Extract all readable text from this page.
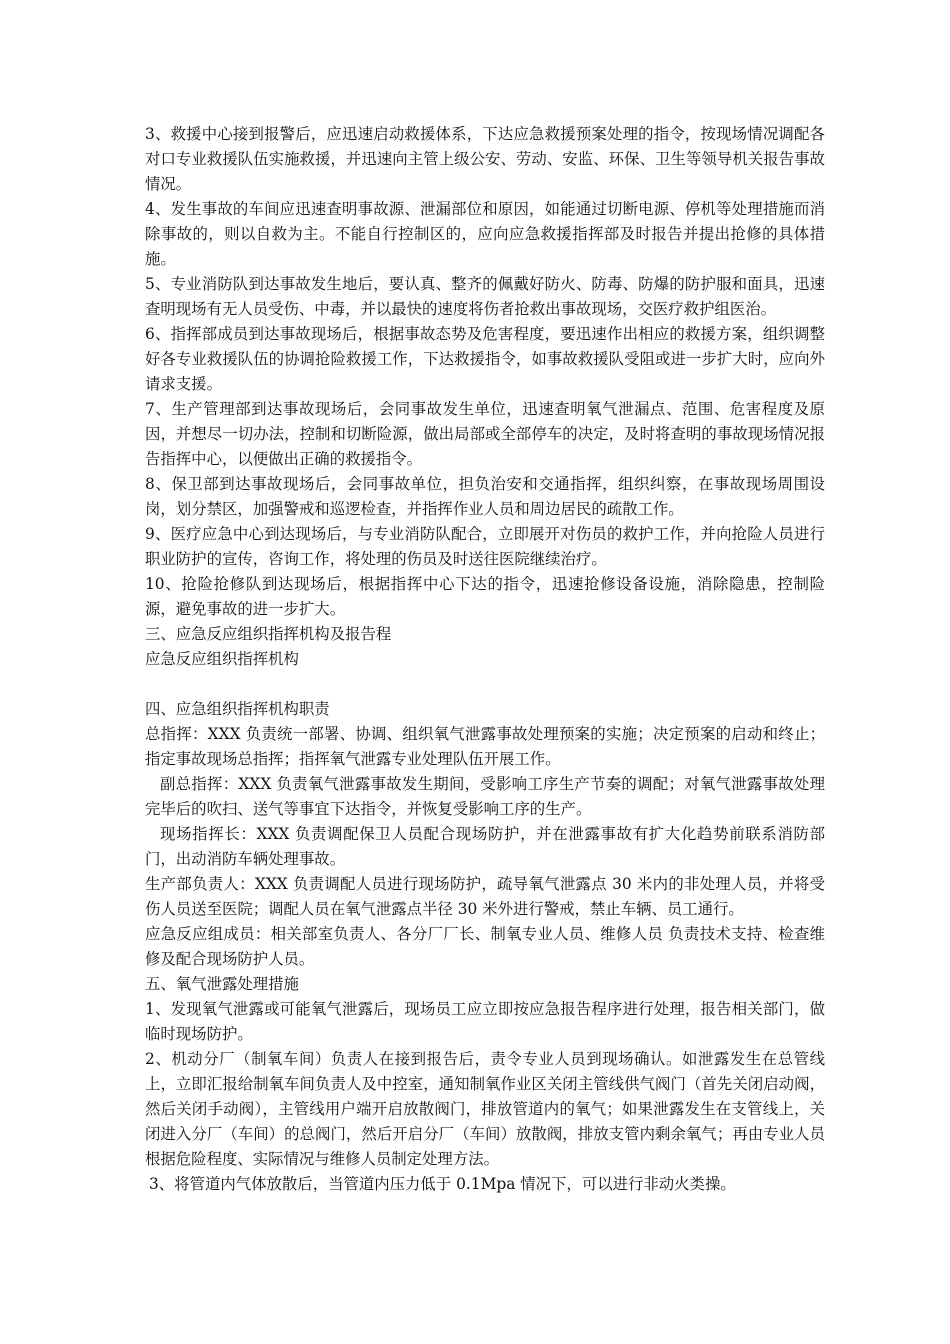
3、救援中心接到报警后，应迅速启动救援体系，下达应急救援预案处理的指令，按现场情况调配各对口专业救援队伍实施救援，并迅速向主管上级公安、劳动、安监、环保、卫生等领导机关报告事故情况。

4、发生事故的车间应迅速查明事故源、泄漏部位和原因，如能通过切断电源、停机等处理措施而消除事故的，则以自救为主。不能自行控制区的，应向应急救援指挥部及时报告并提出抢修的具体措施。

5、专业消防队到达事故发生地后，要认真、整齐的佩戴好防火、防毒、防爆的防护服和面具，迅速查明现场有无人员受伤、中毒，并以最快的速度将伤者抢救出事故现场，交医疗救护组医治。

6、指挥部成员到达事故现场后，根据事故态势及危害程度，要迅速作出相应的救援方案，组织调整好各专业救援队伍的协调抢险救援工作，下达救援指令，如事故救援队受阻或进一步扩大时，应向外请求支援。

7、生产管理部到达事故现场后，会同事故发生单位，迅速查明氧气泄漏点、范围、危害程度及原因，并想尽一切办法，控制和切断险源，做出局部或全部停车的决定，及时将查明的事故现场情况报告指挥中心，以便做出正确的救援指令。

8、保卫部到达事故现场后，会同事故单位，担负治安和交通指挥，组织纠察，在事故现场周围设岗，划分禁区，加强警戒和巡逻检查，并指挥作业人员和周边居民的疏散工作。

9、医疗应急中心到达现场后，与专业消防队配合，立即展开对伤员的救护工作，并向抢险人员进行职业防护的宣传，咨询工作，将处理的伤员及时送往医院继续治疗。

10、抢险抢修队到达现场后，根据指挥中心下达的指令，迅速抢修设备设施，消除隐患，控制险源，避免事故的进一步扩大。

三、应急反应组织指挥机构及报告程

应急反应组织指挥机构

四、应急组织指挥机构职责

总指挥：XXX 负责统一部署、协调、组织氧气泄露事故处理预案的实施；决定预案的启动和终止；指定事故现场总指挥；指挥氧气泄露专业处理队伍开展工作。

副总指挥：XXX 负责氧气泄露事故发生期间，受影响工序生产节奏的调配；对氧气泄露事故处理完毕后的吹扫、送气等事宜下达指令，并恢复受影响工序的生产。

现场指挥长：XXX 负责调配保卫人员配合现场防护，并在泄露事故有扩大化趋势前联系消防部门，出动消防车辆处理事故。

生产部负责人：XXX 负责调配人员进行现场防护，疏导氧气泄露点 30 米内的非处理人员，并将受伤人员送至医院；调配人员在氧气泄露点半径 30 米外进行警戒，禁止车辆、员工通行。

应急反应组成员：相关部室负责人、各分厂厂长、制氧专业人员、维修人员 负责技术支持、检查维修及配合现场防护人员。

五、氧气泄露处理措施

1、发现氧气泄露或可能氧气泄露后，现场员工应立即按应急报告程序进行处理，报告相关部门，做临时现场防护。

2、机动分厂（制氧车间）负责人在接到报告后，责令专业人员到现场确认。如泄露发生在总管线上，立即汇报给制氧车间负责人及中控室，通知制氧作业区关闭主管线供气阀门（首先关闭启动阀，然后关闭手动阀），主管线用户端开启放散阀门，排放管道内的氧气；如果泄露发生在支管线上，关闭进入分厂（车间）的总阀门，然后开启分厂（车间）放散阀，排放支管内剩余氧气；再由专业人员根据危险程度、实际情况与维修人员制定处理方法。

3、将管道内气体放散后，当管道内压力低于 0.1Mpa 情况下，可以进行非动火类操。
